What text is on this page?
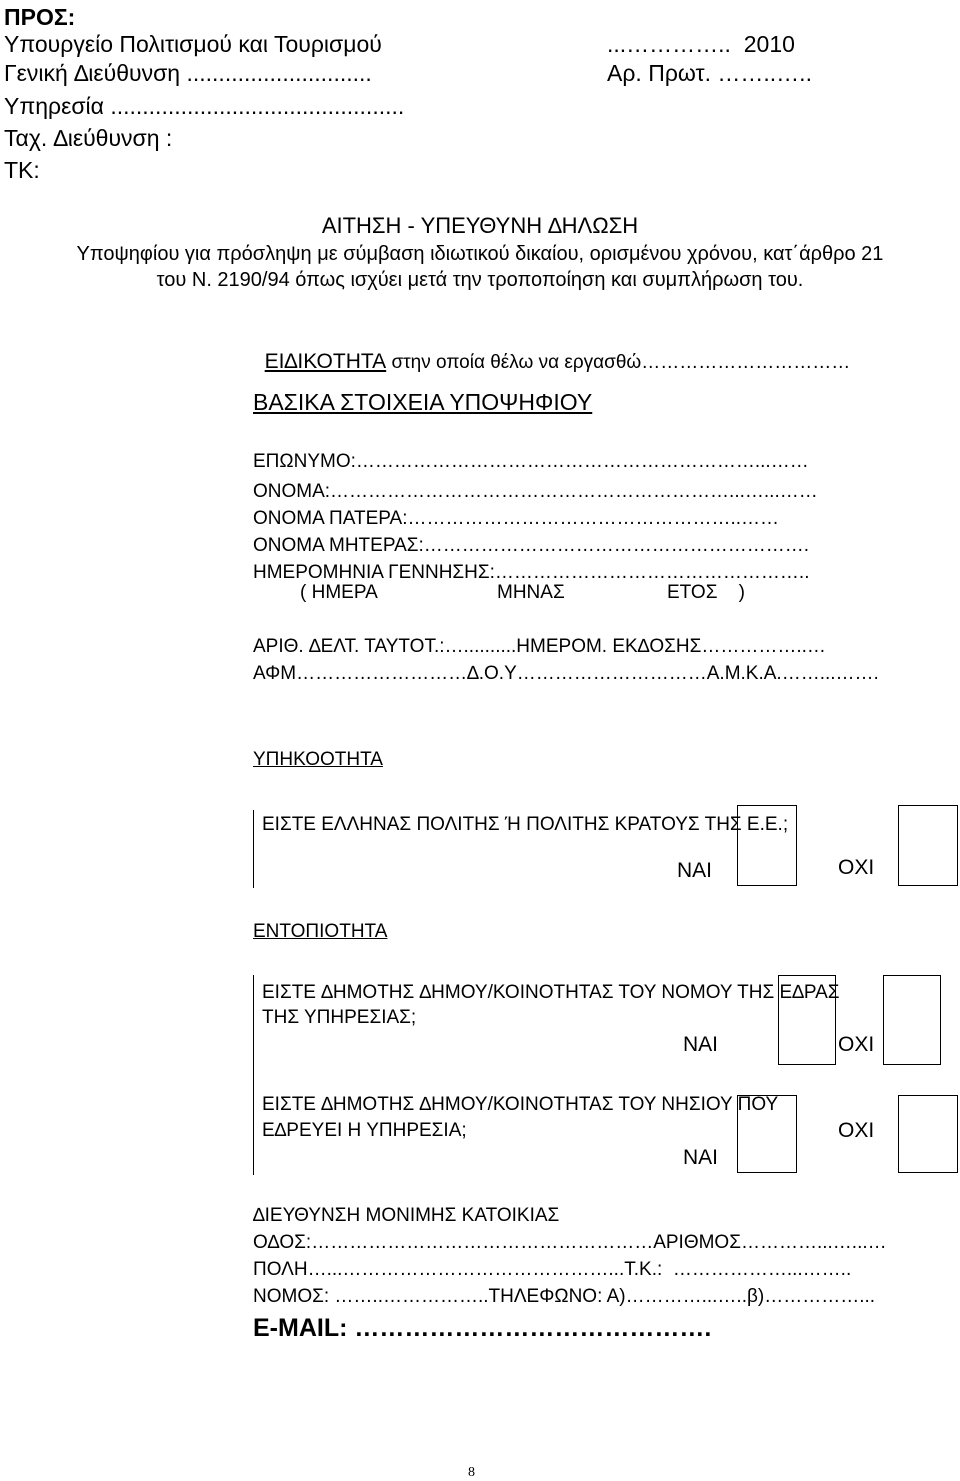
ΠΡΟΣ:
Υπουργείο Πολιτισμού και Τουρισμού	...…………..  2010
Γενική ∆ιεύθυνση .............................	Αρ. Πρωτ. ……..…..
Υπηρεσία ..............................................
Ταχ. ∆ιεύθυνση :
ΤΚ:
ΑΙΤΗΣΗ - ΥΠΕΥΘΥΝΗ ∆ΗΛΩΣΗ
Υποψηφίου για πρόσληψη με σύμβαση ιδιωτικού δικαίου, ορισμένου χρόνου, κατ΄άρθρο 21
του Ν. 2190/94 όπως ισχύει μετά την τροποποίηση και συμπλήρωση του.

ΕΙ∆ΙΚΟΤΗΤΑ στην οποία θέλω να εργασθώ……………………………

ΒΑΣΙΚΑ ΣΤΟΙΧΕΙΑ ΥΠΟΨΗΦΙΟΥ
ΕΠΩΝΥΜΟ:………………………………………………………...……
ΟΝΟΜΑ:………………………………………………………...…...……
ΟΝΟΜΑ ΠΑΤΕΡΑ:……………………………………………..……
ΟΝΟΜΑ ΜΗΤΕΡΑΣ:…………………………………………………….
ΗΜΕΡΟΜΗΝΙΑ ΓΕΝΝΗΣΗΣ:…………………………………………..
( ΗΜΕΡΑ	ΜΗΝΑΣ	ΕΤΟΣ    )
ΑΡΙΘ. ∆ΕΛΤ. ΤΑΥΤΟΤ.:…..........ΗΜΕΡΟΜ. ΕΚ∆ΟΣΗΣ……………..…
ΑΦΜ………………………∆.Ο.Υ…………………………Α.Μ.Κ.Α.……...…….
ΥΠΗΚΟΟΤΗΤΑ
ΕΙΣΤΕ ΕΛΛΗΝΑΣ ΠΟΛΙΤΗΣ Ή ΠΟΛΙΤΗΣ ΚΡΑΤΟΥΣ ΤΗΣ Ε.Ε.;
ΝΑΙ	ΟΧΙ
ΕΝΤΟΠΙΟΤΗΤΑ
ΕΙΣΤΕ ∆ΗΜΟΤΗΣ ∆ΗΜΟΥ/ΚΟΙΝΟΤΗΤΑΣ ΤΟΥ ΝΟΜΟΥ ΤΗΣ Ε∆ΡΑΣ
ΤΗΣ ΥΠΗΡΕΣΙΑΣ;
ΝΑΙ	ΟΧΙ
ΕΙΣΤΕ ∆ΗΜΟΤΗΣ ∆ΗΜΟΥ/ΚΟΙΝΟΤΗΤΑΣ ΤΟΥ ΝΗΣΙΟΥ ΠΟΥ
Ε∆ΡΕΥΕΙ Η ΥΠΗΡΕΣΙΑ;
ΝΑΙ
ΟΧΙ
∆ΙΕΥΘΥΝΣΗ ΜΟΝΙΜΗΣ ΚΑΤΟΙΚΙΑΣ
Ο∆ΟΣ:………………………………………………ΑΡΙΘΜΟΣ…………...…...…
ΠΟΛΗ…...……………………………………...Τ.Κ.:  ………………...……..
ΝΟΜΟΣ: ……..……………..ΤΗΛΕΦΩΝΟ: Α)…………...…..β)……………...
E-MAIL: …………………………………….
8
